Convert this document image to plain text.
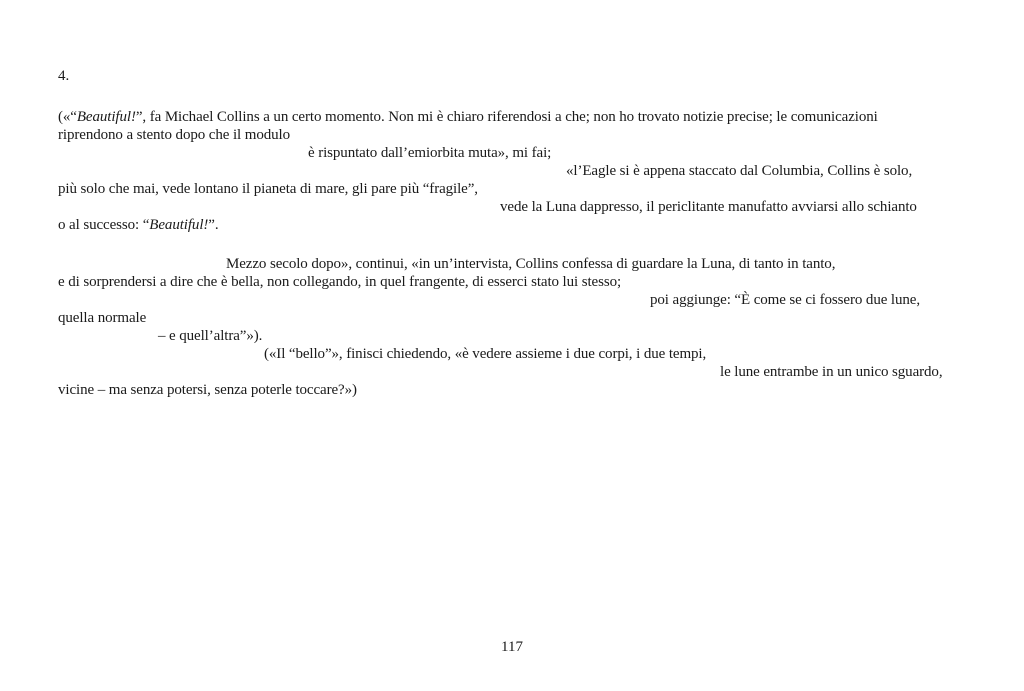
4.
(«“Beautiful!”, fa Michael Collins a un certo momento. Non mi è chiaro riferendosi a che; non ho trovato notizie precise; le comunicazioni
riprendono a stento dopo che il modulo
è rispuntato dall’emiorbita muta», mi fai;
«l’Eagle si è appena staccato dal Columbia, Collins è solo,
più solo che mai, vede lontano il pianeta di mare, gli pare più “fragile”,
vede la Luna dappresso, il periclitante manufatto avviarsi allo schianto
o al successo: “Beautiful!”.
Mezzo secolo dopo», continui, «in un’intervista, Collins confessa di guardare la Luna, di tanto in tanto,
e di sorprendersi a dire che è bella, non collegando, in quel frangente, di esserci stato lui stesso;
poi aggiunge: “È come se ci fossero due lune,
quella normale
– e quell’altra”»).
(«Il “bello”», finisci chiedendo, «è vedere assieme i due corpi, i due tempi,
le lune entrambe in un unico sguardo,
vicine – ma senza potersi, senza poterle toccare?»)
117
